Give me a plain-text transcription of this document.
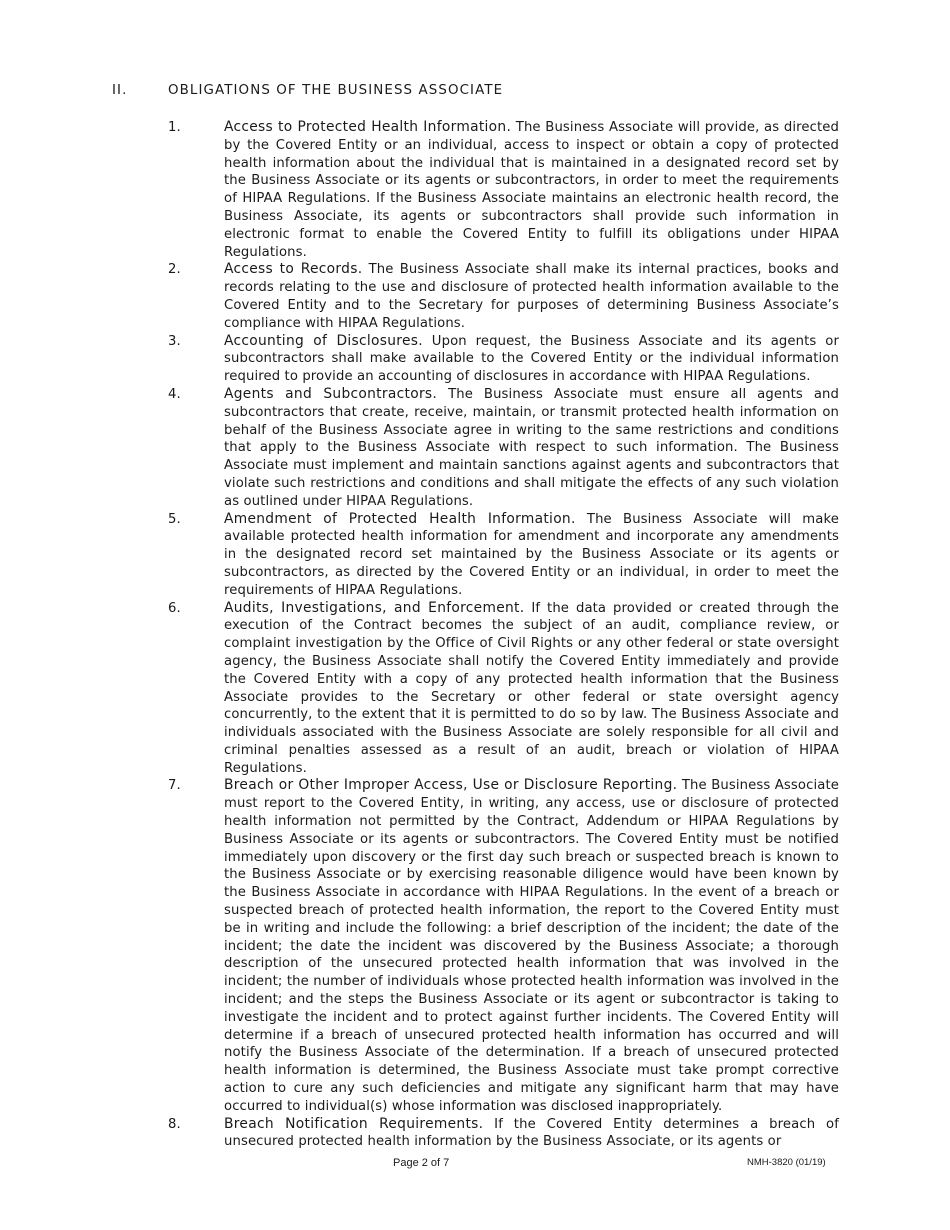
II.	OBLIGATIONS OF THE BUSINESS ASSOCIATE
1.	Access to Protected Health Information. The Business Associate will provide, as directed by the Covered Entity or an individual, access to inspect or obtain a copy of protected health information about the individual that is maintained in a designated record set by the Business Associate or its agents or subcontractors, in order to meet the requirements of HIPAA Regulations. If the Business Associate maintains an electronic health record, the Business Associate, its agents or subcontractors shall provide such information in electronic format to enable the Covered Entity to fulfill its obligations under HIPAA Regulations.
2.	Access to Records. The Business Associate shall make its internal practices, books and records relating to the use and disclosure of protected health information available to the Covered Entity and to the Secretary for purposes of determining Business Associate’s compliance with HIPAA Regulations.
3.	Accounting of Disclosures. Upon request, the Business Associate and its agents or subcontractors shall make available to the Covered Entity or the individual information required to provide an accounting of disclosures in accordance with HIPAA Regulations.
4.	Agents and Subcontractors. The Business Associate must ensure all agents and subcontractors that create, receive, maintain, or transmit protected health information on behalf of the Business Associate agree in writing to the same restrictions and conditions that apply to the Business Associate with respect to such information. The Business Associate must implement and maintain sanctions against agents and subcontractors that violate such restrictions and conditions and shall mitigate the effects of any such violation as outlined under HIPAA Regulations.
5.	Amendment of Protected Health Information. The Business Associate will make available protected health information for amendment and incorporate any amendments in the designated record set maintained by the Business Associate or its agents or subcontractors, as directed by the Covered Entity or an individual, in order to meet the requirements of HIPAA Regulations.
6.	Audits, Investigations, and Enforcement. If the data provided or created through the execution of the Contract becomes the subject of an audit, compliance review, or complaint investigation by the Office of Civil Rights or any other federal or state oversight agency, the Business Associate shall notify the Covered Entity immediately and provide the Covered Entity with a copy of any protected health information that the Business Associate provides to the Secretary or other federal or state oversight agency concurrently, to the extent that it is permitted to do so by law. The Business Associate and individuals associated with the Business Associate are solely responsible for all civil and criminal penalties assessed as a result of an audit, breach or violation of HIPAA Regulations.
7.	Breach or Other Improper Access, Use or Disclosure Reporting. The Business Associate must report to the Covered Entity, in writing, any access, use or disclosure of protected health information not permitted by the Contract, Addendum or HIPAA Regulations by Business Associate or its agents or subcontractors. The Covered Entity must be notified immediately upon discovery or the first day such breach or suspected breach is known to the Business Associate or by exercising reasonable diligence would have been known by the Business Associate in accordance with HIPAA Regulations. In the event of a breach or suspected breach of protected health information, the report to the Covered Entity must be in writing and include the following: a brief description of the incident; the date of the incident; the date the incident was discovered by the Business Associate; a thorough description of the unsecured protected health information that was involved in the incident; the number of individuals whose protected health information was involved in the incident; and the steps the Business Associate or its agent or subcontractor is taking to investigate the incident and to protect against further incidents. The Covered Entity will determine if a breach of unsecured protected health information has occurred and will notify the Business Associate of the determination. If a breach of unsecured protected health information is determined, the Business Associate must take prompt corrective action to cure any such deficiencies and mitigate any significant harm that may have occurred to individual(s) whose information was disclosed inappropriately.
8.	Breach Notification Requirements. If the Covered Entity determines a breach of unsecured protected health information by the Business Associate, or its agents or
Page 2 of 7	NMH-3820 (01/19)
